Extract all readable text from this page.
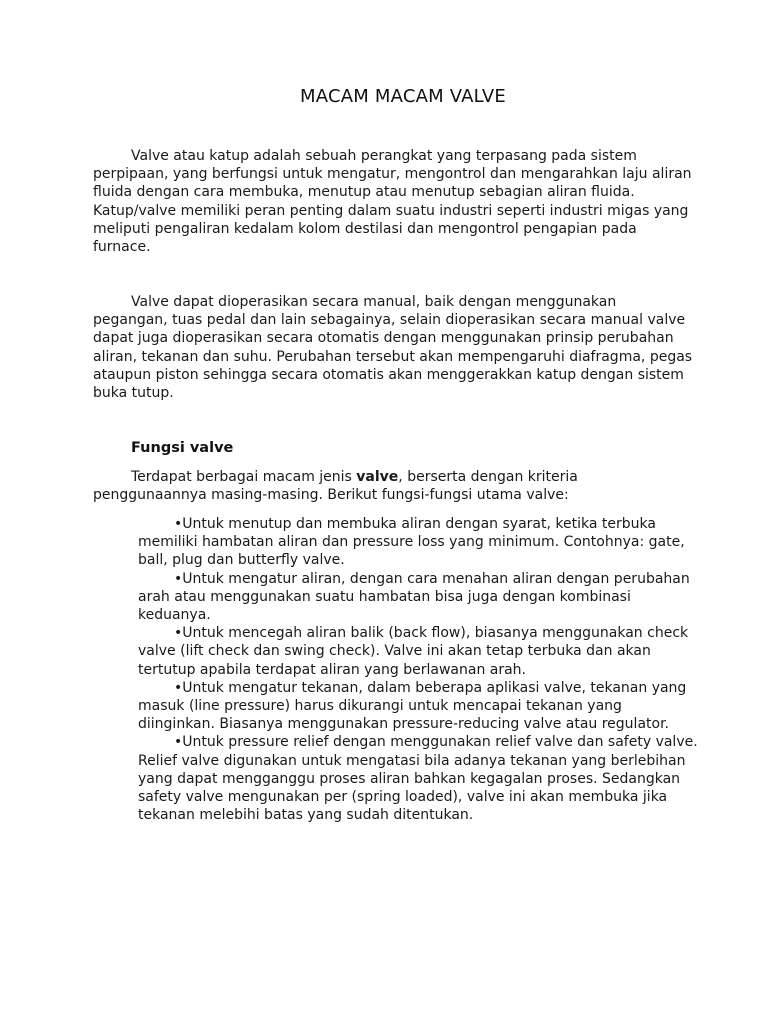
MACAM MACAM VALVE

Valve atau katup adalah sebuah perangkat yang terpasang pada sistem perpipaan, yang berfungsi untuk mengatur, mengontrol dan mengarahkan laju aliran fluida dengan cara membuka, menutup atau menutup sebagian aliran fluida. Katup/valve memiliki peran penting dalam suatu industri seperti industri migas yang meliputi pengaliran kedalam kolom destilasi dan mengontrol pengapian pada furnace.

Valve dapat dioperasikan secara manual, baik dengan menggunakan pegangan, tuas pedal dan lain sebagainya, selain dioperasikan secara manual valve dapat juga dioperasikan secara otomatis dengan menggunakan prinsip perubahan aliran, tekanan dan suhu. Perubahan tersebut akan mempengaruhi diafragma, pegas ataupun piston sehingga secara otomatis akan menggerakkan katup dengan sistem buka tutup.

Fungsi valve

Terdapat berbagai macam jenis valve, berserta dengan kriteria penggunaannya masing-masing. Berikut fungsi-fungsi utama valve:

•Untuk menutup dan membuka aliran dengan syarat, ketika terbuka memiliki hambatan aliran dan pressure loss yang minimum. Contohnya: gate, ball, plug dan butterfly valve.
•Untuk mengatur aliran, dengan cara menahan aliran dengan perubahan arah atau menggunakan suatu hambatan bisa juga dengan kombinasi keduanya.
•Untuk mencegah aliran balik (back flow), biasanya menggunakan check valve (lift check dan swing check). Valve ini akan tetap terbuka dan akan tertutup apabila terdapat aliran yang berlawanan arah.
•Untuk mengatur tekanan, dalam beberapa aplikasi valve, tekanan yang masuk (line pressure) harus dikurangi untuk mencapai tekanan yang diinginkan. Biasanya menggunakan pressure-reducing valve atau regulator.
•Untuk pressure relief dengan menggunakan relief valve dan safety valve. Relief valve digunakan untuk mengatasi bila adanya tekanan yang berlebihan yang dapat mengganggu proses aliran bahkan kegagalan proses. Sedangkan safety valve mengunakan per (spring loaded), valve ini akan membuka jika tekanan melebihi batas yang sudah ditentukan.
